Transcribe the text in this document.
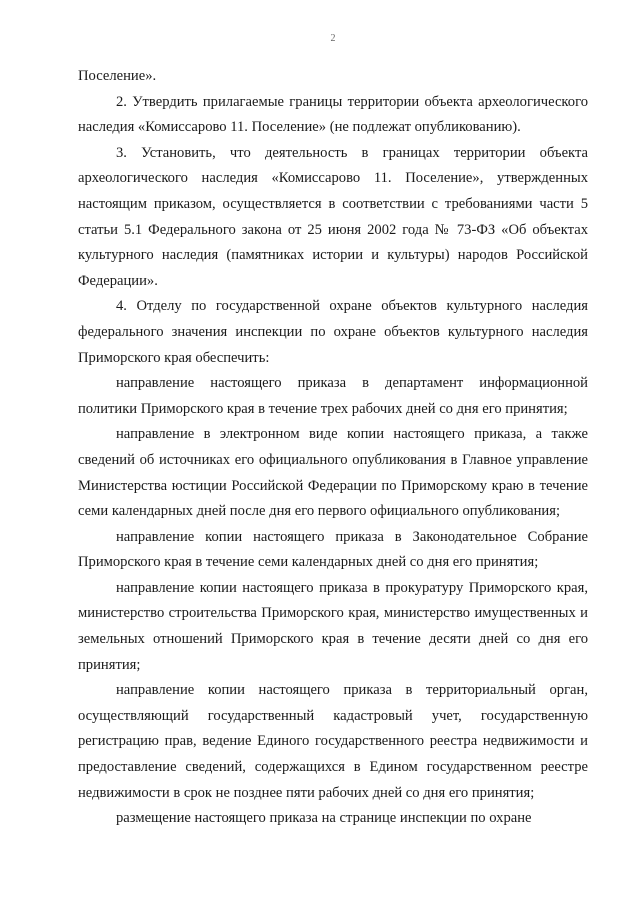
2

Поселение».

2. Утвердить прилагаемые границы территории объекта археологического наследия «Комиссарово 11. Поселение» (не подлежат опубликованию).

3. Установить, что деятельность в границах территории объекта археологического наследия «Комиссарово 11. Поселение», утвержденных настоящим приказом, осуществляется в соответствии с требованиями части 5 статьи 5.1 Федерального закона от 25 июня 2002 года № 73-ФЗ «Об объектах культурного наследия (памятниках истории и культуры) народов Российской Федерации».

4. Отделу по государственной охране объектов культурного наследия федерального значения инспекции по охране объектов культурного наследия Приморского края обеспечить:

направление настоящего приказа в департамент информационной политики Приморского края в течение трех рабочих дней со дня его принятия;

направление в электронном виде копии настоящего приказа, а также сведений об источниках его официального опубликования в Главное управление Министерства юстиции Российской Федерации по Приморскому краю в течение семи календарных дней после дня его первого официального опубликования;

направление копии настоящего приказа в Законодательное Собрание Приморского края в течение семи календарных дней со дня его принятия;

направление копии настоящего приказа в прокуратуру Приморского края, министерство строительства Приморского края, министерство имущественных и земельных отношений Приморского края в течение десяти дней со дня его принятия;

направление копии настоящего приказа в территориальный орган, осуществляющий государственный кадастровый учет, государственную регистрацию прав, ведение Единого государственного реестра недвижимости и предоставление сведений, содержащихся в Едином государственном реестре недвижимости в срок не позднее пяти рабочих дней со дня его принятия;

размещение настоящего приказа на странице инспекции по охране
